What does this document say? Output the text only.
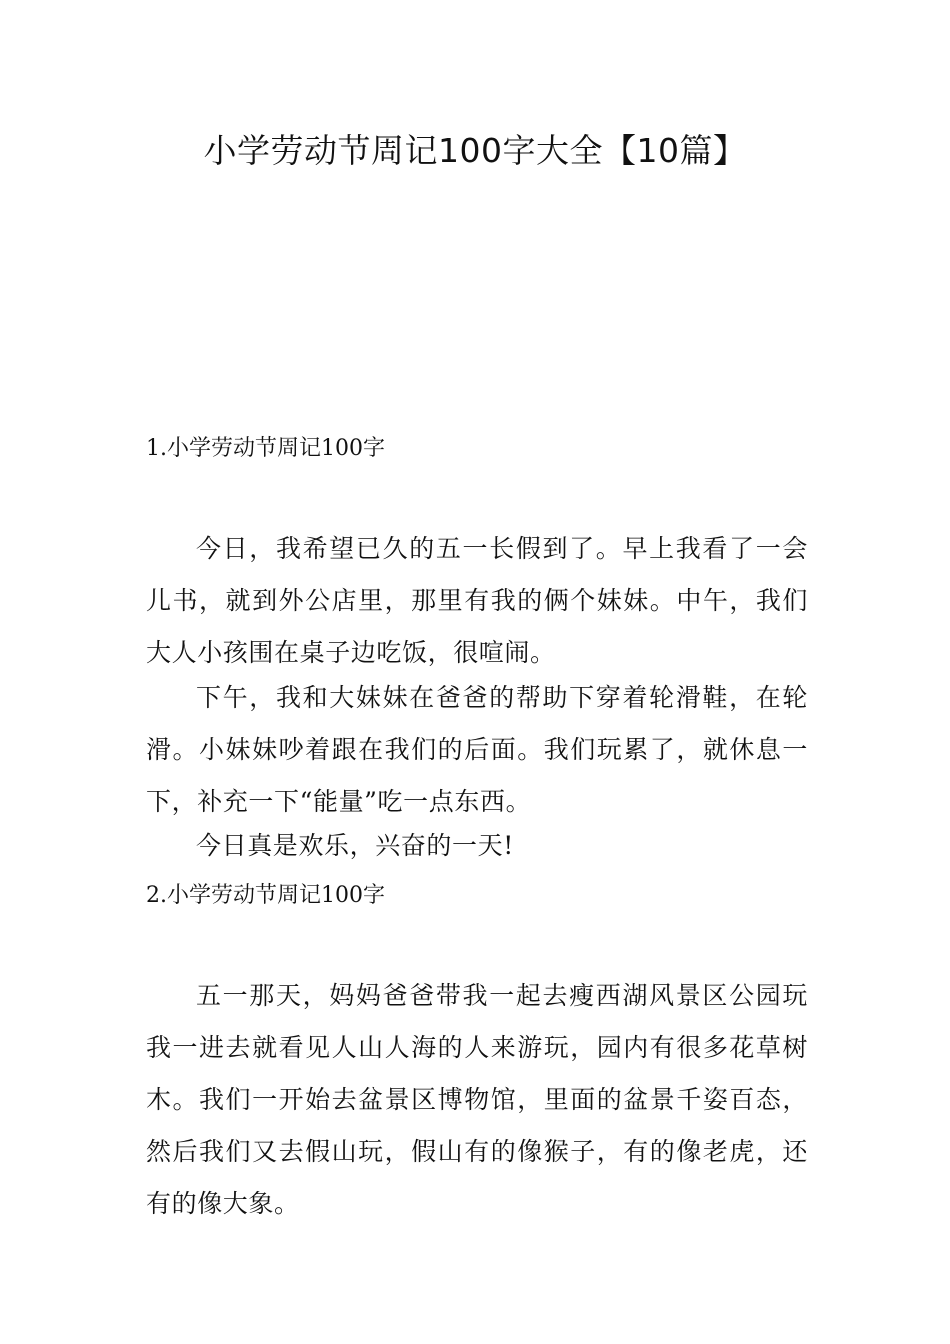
小学劳动节周记100字大全【10篇】

1.小学劳动节周记100字

今日，我希望已久的五一长假到了。早上我看了一会儿书，就到外公店里，那里有我的俩个妹妹。中午，我们大人小孩围在桌子边吃饭，很喧闹。

下午，我和大妹妹在爸爸的帮助下穿着轮滑鞋，在轮滑。小妹妹吵着跟在我们的后面。我们玩累了，就休息一下，补充一下“能量”吃一点东西。

今日真是欢乐，兴奋的一天!

2.小学劳动节周记100字

五一那天，妈妈爸爸带我一起去瘦西湖风景区公园玩我一进去就看见人山人海的人来游玩，园内有很多花草树木。我们一开始去盆景区博物馆，里面的盆景千姿百态，然后我们又去假山玩，假山有的像猴子，有的像老虎，还有的像大象。
